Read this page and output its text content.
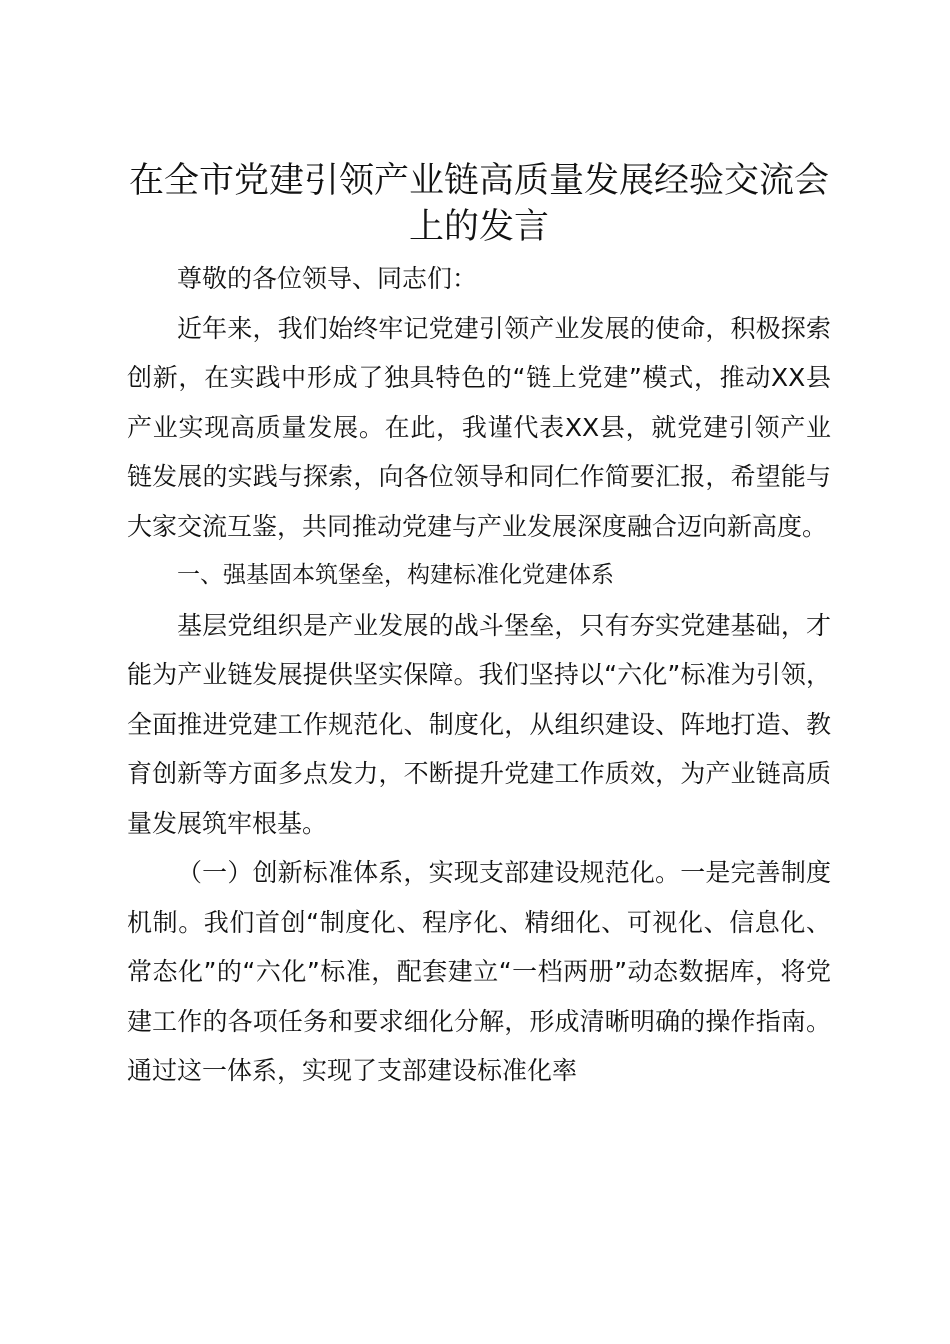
在全市党建引领产业链高质量发展经验交流会上的发言

尊敬的各位领导、同志们：

近年来，我们始终牢记党建引领产业发展的使命，积极探索创新，在实践中形成了独具特色的“链上党建”模式，推动XX县产业实现高质量发展。在此，我谨代表XX县，就党建引领产业链发展的实践与探索，向各位领导和同仁作简要汇报，希望能与大家交流互鉴，共同推动党建与产业发展深度融合迈向新高度。

一、强基固本筑堡垒，构建标准化党建体系

基层党组织是产业发展的战斗堡垒，只有夯实党建基础，才能为产业链发展提供坚实保障。我们坚持以“六化”标准为引领，全面推进党建工作规范化、制度化，从组织建设、阵地打造、教育创新等方面多点发力，不断提升党建工作质效，为产业链高质量发展筑牢根基。

（一）创新标准体系，实现支部建设规范化。一是完善制度机制。我们首创“制度化、程序化、精细化、可视化、信息化、常态化”的“六化”标准，配套建立“一档两册”动态数据库，将党建工作的各项任务和要求细化分解，形成清晰明确的操作指南。通过这一体系，实现了支部建设标准化率
